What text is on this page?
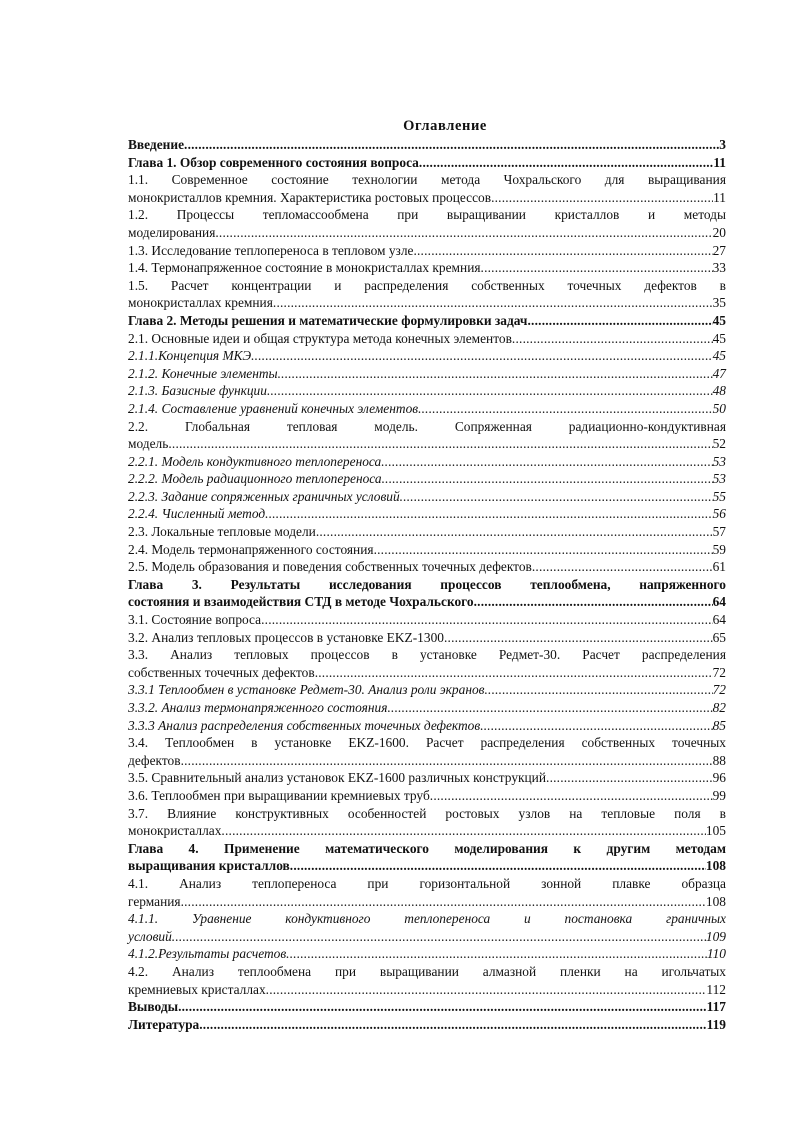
Оглавление
Введение .....	3
Глава 1. Обзор современного состояния вопроса .....	11
1.1. Современное состояние технологии метода Чохральского для выращивания
монокристаллов кремния. Характеристика ростовых процессов .....	11
1.2. Процессы тепломассообмена при выращивании кристаллов и методы
моделирования .....	20
1.3. Исследование теплопереноса в тепловом узле .....	27
1.4. Термонапряженное состояние в монокристаллах кремния .....	33
1.5. Расчет концентрации и распределения собственных точечных дефектов в
монокристаллах кремния .....	35
Глава 2. Методы решения и математические формулировки задач .....	45
2.1. Основные идеи и общая структура метода конечных элементов .....	45
2.1.1.Концепция МКЭ .....	45
2.1.2. Конечные элементы .....	47
2.1.3. Базисные функции .....	48
2.1.4. Составление уравнений конечных элементов .....	50
2.2. Глобальная тепловая модель. Сопряженная радиационно-кондуктивная
модель .....	52
2.2.1. Модель кондуктивного теплопереноса .....	53
2.2.2. Модель радиационного теплопереноса .....	53
2.2.3. Задание сопряженных граничных условий .....	55
2.2.4. Численный метод .....	56
2.3. Локальные тепловые модели .....	57
2.4. Модель термонапряженного состояния .....	59
2.5. Модель образования и поведения собственных точечных дефектов .....	61
Глава 3. Результаты исследования процессов теплообмена, напряженного
состояния и взаимодействия СТД в методе Чохральского .....	64
3.1. Состояние вопроса .....	64
3.2. Анализ тепловых процессов в установке EKZ-1300 .....	65
3.3. Анализ тепловых процессов в установке Редмет-30. Расчет распределения
собственных точечных дефектов .....	72
3.3.1 Теплообмен в установке Редмет-30. Анализ роли экранов .....	72
3.3.2. Анализ термонапряженного состояния .....	82
3.3.3 Анализ распределения собственных точечных дефектов .....	85
3.4. Теплообмен в установке EKZ-1600. Расчет распределения собственных точечных
дефектов .....	88
3.5. Сравнительный анализ установок EKZ-1600 различных конструкций .....	96
3.6. Теплообмен при выращивании кремниевых труб .....	99
3.7. Влияние конструктивных особенностей ростовых узлов на тепловые поля в
монокристаллах .....	105
Глава 4. Применение математического моделирования к другим методам
выращивания кристаллов .....	108
4.1. Анализ теплопереноса при горизонтальной зонной плавке образца
германия .....	108
4.1.1. Уравнение кондуктивного теплопереноса и постановка граничных
условий .....	109
4.1.2.Результаты расчетов .....	110
4.2. Анализ теплообмена при выращивании алмазной пленки на игольчатых
кремниевых кристаллах .....	112
Выводы .....	117
Литература .....	119
